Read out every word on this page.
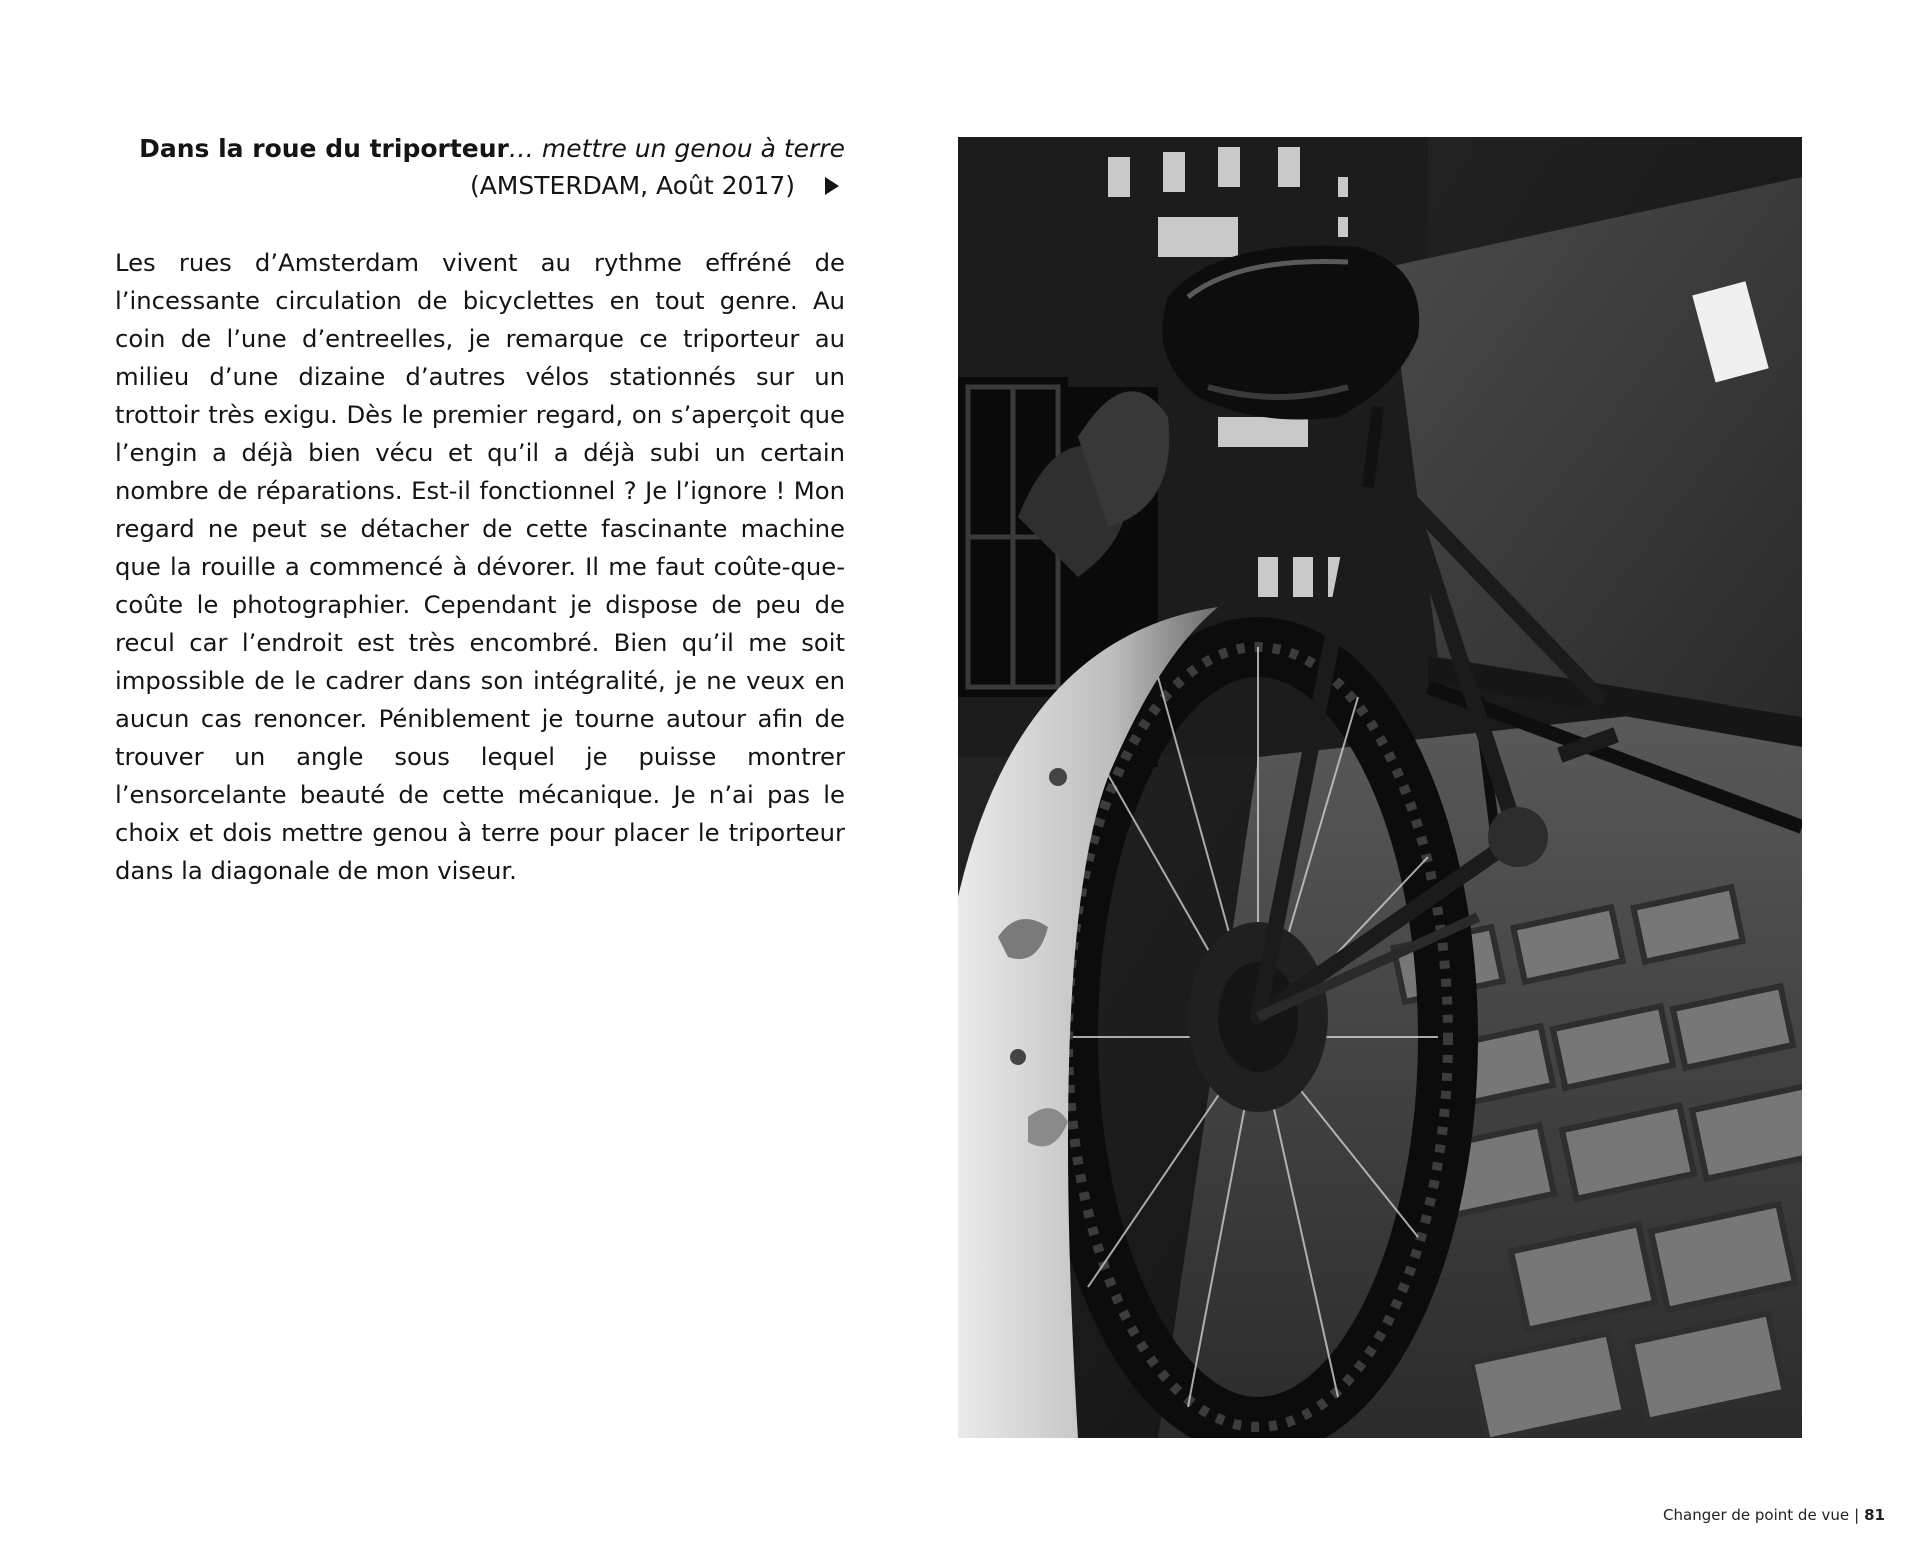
Dans la roue du triporteur… mettre un genou à terre
(AMSTERDAM, Août 2017)

Les rues d’Amsterdam vivent au rythme effréné de l’incessante circulation de bicyclettes en tout genre. Au coin de l’une d’entreelles, je remarque ce triporteur au milieu d’une dizaine d’autres vélos stationnés sur un trottoir très exigu. Dès le premier regard, on s’aperçoit que l’engin a déjà bien vécu et qu’il a déjà subi un certain nombre de réparations. Est-il fonctionnel ? Je l’ignore ! Mon regard ne peut se détacher de cette fascinante machine que la rouille a commencé à dévorer. Il me faut coûte-que-coûte le photographier. Cependant je dispose de peu de recul car l’endroit est très encombré. Bien qu’il me soit impossible de le cadrer dans son intégralité, je ne veux en aucun cas renoncer. Péniblement je tourne autour afin de trouver un angle sous lequel je puisse montrer l’ensorcelante beauté de cette mécanique. Je n’ai pas le choix et dois mettre genou à terre pour placer le triporteur dans la diagonale de mon viseur.

Changer de point de vue | 81
